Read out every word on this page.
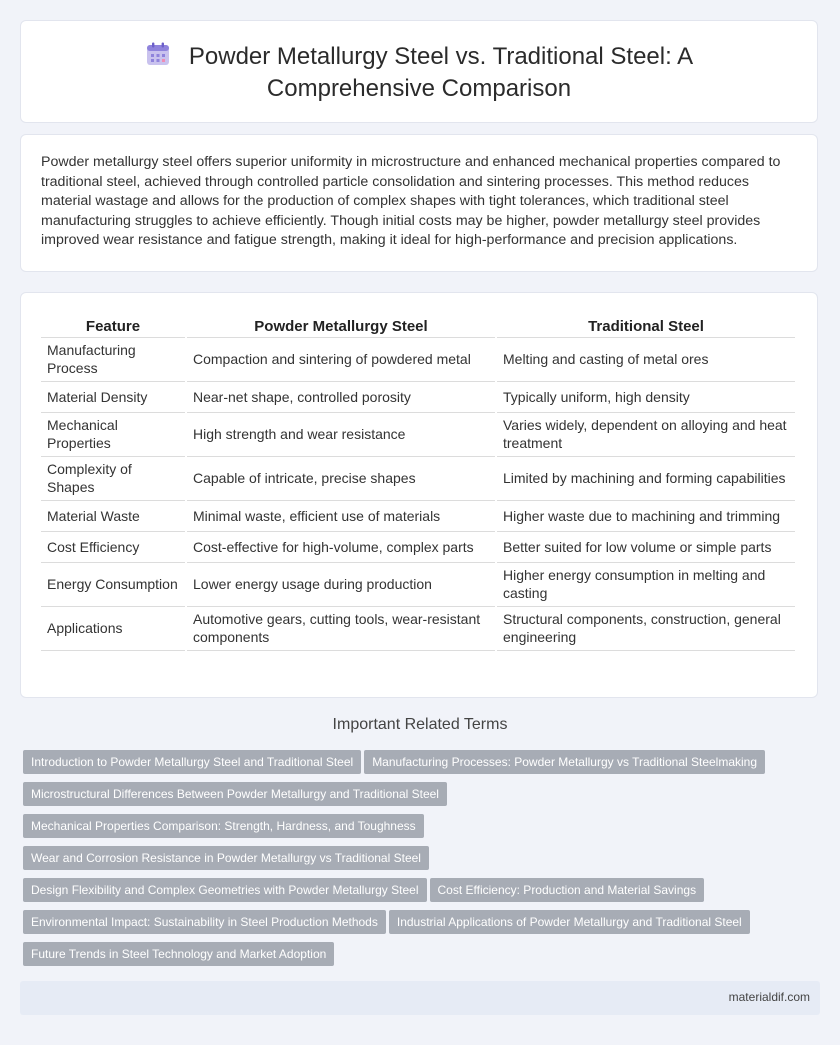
Powder Metallurgy Steel vs. Traditional Steel: A Comprehensive Comparison

Powder metallurgy steel offers superior uniformity in microstructure and enhanced mechanical properties compared to traditional steel, achieved through controlled particle consolidation and sintering processes. This method reduces material wastage and allows for the production of complex shapes with tight tolerances, which traditional steel manufacturing struggles to achieve efficiently. Though initial costs may be higher, powder metallurgy steel provides improved wear resistance and fatigue strength, making it ideal for high-performance and precision applications.

Feature	Powder Metallurgy Steel	Traditional Steel
Manufacturing Process	Compaction and sintering of powdered metal	Melting and casting of metal ores
Material Density	Near-net shape, controlled porosity	Typically uniform, high density
Mechanical Properties	High strength and wear resistance	Varies widely, dependent on alloying and heat treatment
Complexity of Shapes	Capable of intricate, precise shapes	Limited by machining and forming capabilities
Material Waste	Minimal waste, efficient use of materials	Higher waste due to machining and trimming
Cost Efficiency	Cost-effective for high-volume, complex parts	Better suited for low volume or simple parts
Energy Consumption	Lower energy usage during production	Higher energy consumption in melting and casting
Applications	Automotive gears, cutting tools, wear-resistant components	Structural components, construction, general engineering
Important Related Terms
Introduction to Powder Metallurgy Steel and Traditional Steel Manufacturing Processes: Powder Metallurgy vs Traditional Steelmaking
Microstructural Differences Between Powder Metallurgy and Traditional Steel
Mechanical Properties Comparison: Strength, Hardness, and Toughness
Wear and Corrosion Resistance in Powder Metallurgy vs Traditional Steel
Design Flexibility and Complex Geometries with Powder Metallurgy Steel Cost Efficiency: Production and Material Savings
Environmental Impact: Sustainability in Steel Production Methods Industrial Applications of Powder Metallurgy and Traditional Steel
Future Trends in Steel Technology and Market Adoption
materialdif.com
